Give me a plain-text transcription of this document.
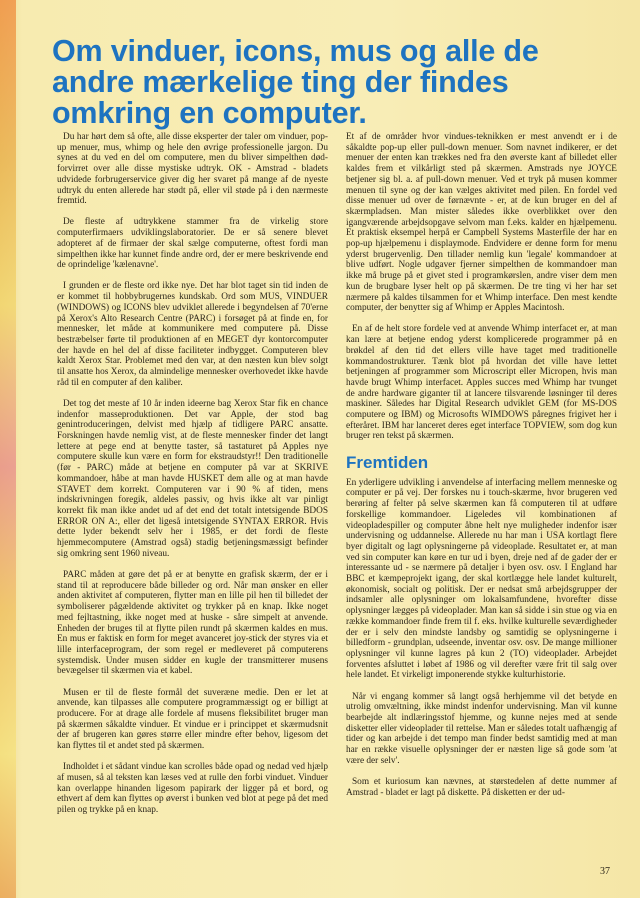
Om vinduer, icons, mus og alle de andre mærkelige ting der findes omkring en computer.

Du har hørt dem så ofte, alle disse eksperter der taler om vinduer, pop-up menuer, mus, whimp og hele den øvrige professionelle jargon. Du synes at du ved en del om computere, men du bliver simpelthen død-forvirret over alle disse mystiske udtryk. OK - Amstrad - bladets udvidede forbrugerservice giver dig her svaret på mange af de nyeste udtryk du enten allerede har stødt på, eller vil støde på i den nærmeste fremtid.

De fleste af udtrykkene stammer fra de virkelig store computerfirmaers udviklingslaboratorier. De er så senere blevet adopteret af de firmaer der skal sælge computerne, oftest fordi man simpelthen ikke har kunnet finde andre ord, der er mere beskrivende end de oprindelige 'kælenavne'.

I grunden er de fleste ord ikke nye. Det har blot taget sin tid inden de er kommet til hobbybrugernes kundskab. Ord som MUS, VINDUER (WINDOWS) og ICONS blev udviklet allerede i begyndelsen af 70'erne på Xerox's Alto Research Centre (PARC) i forsøget på at finde en, for mennesker, let måde at kommunikere med computere på. Disse bestræbelser førte til produktionen af en MEGET dyr kontorcomputer der havde en hel del af disse faciliteter indbygget. Computeren blev kaldt Xerox Star. Problemet med den var, at den næsten kun blev solgt til ansatte hos Xerox, da almindelige mennesker overhovedet ikke havde råd til en computer af den kaliber.

Det tog det meste af 10 år inden ideerne bag Xerox Star fik en chance indenfor masseproduktionen. Det var Apple, der stod bag genintroduceringen, delvist med hjælp af tidligere PARC ansatte. Forskningen havde nemlig vist, at de fleste mennesker finder det langt lettere at pege end at benytte taster, så tastaturet på Apples nye computere skulle kun være en form for ekstraudstyr!! Den traditionelle (før - PARC) måde at betjene en computer på var at SKRIVE kommandoer, håbe at man havde HUSKET dem alle og at man havde STAVET dem korrekt. Computeren var i 90 % af tiden, mens indskrivningen foregik, aldeles passiv, og hvis ikke alt var pinligt korrekt fik man ikke andet ud af det end det totalt intetsigende BDOS ERROR ON A:, eller det ligeså intetsigende SYNTAX ERROR. Hvis dette lyder bekendt selv her i 1985, er det fordi de fleste hjemmecomputere (Amstrad også) stadig betjeningsmæssigt befinder sig omkring sent 1960 niveau.

PARC måden at gøre det på er at benytte en grafisk skærm, der er i stand til at reproducere både billeder og ord. Når man ønsker en eller anden aktivitet af computeren, flytter man en lille pil hen til billedet der symboliserer pågældende aktivitet og trykker på en knap. Ikke noget med fejltastning, ikke noget med at huske - såre simpelt at anvende. Enheden der bruges til at flytte pilen rundt på skærmen kaldes en mus. En mus er faktisk en form for meget avanceret joy-stick der styres via et lille interfaceprogram, der som regel er medleveret på computerens systemdisk. Under musen sidder en kugle der transmitterer musens bevægelser til skærmen via et kabel.

Musen er til de fleste formål det suveræne medie. Den er let at anvende, kan tilpasses alle computere programmæssigt og er billigt at producere. For at drage alle fordele af musens fleksibilitet bruger man på skærmen såkaldte vinduer. Et vindue er i princippet et skærmudsnit der af brugeren kan gøres større eller mindre efter behov, ligesom det kan flyttes til et andet sted på skærmen.

Indholdet i et sådant vindue kan scrolles både opad og nedad ved hjælp af musen, så al teksten kan læses ved at rulle den forbi vinduet. Vinduer kan overlappe hinanden ligesom papirark der ligger på et bord, og ethvert af dem kan flyttes op øverst i bunken ved blot at pege på det med pilen og trykke på en knap.

Et af de områder hvor vindues-teknikken er mest anvendt er i de såkaldte pop-up eller pull-down menuer. Som navnet indikerer, er det menuer der enten kan trækkes ned fra den øverste kant af billedet eller kaldes frem et vilkårligt sted på skærmen. Amstrads nye JOYCE betjener sig bl. a. af pull-down menuer. Ved et tryk på musen kommer menuen til syne og der kan vælges aktivitet med pilen. En fordel ved disse menuer ud over de førnævnte - er, at de kun bruger en del af skærmpladsen. Man mister således ikke overblikket over den igangværende arbejdsopgave selvom man f.eks. kalder en hjælpemenu. Et praktisk eksempel herpå er Campbell Systems Masterfile der har en pop-up hjælpemenu i displaymode. Endvidere er denne form for menu yderst brugervenlig. Den tillader nemlig kun 'legale' kommandoer at blive udført. Nogle udgaver fjerner simpelthen de kommandoer man ikke må bruge på et givet sted i programkørslen, andre viser dem men kun de brugbare lyser helt op på skærmen. De tre ting vi her har set nærmere på kaldes tilsammen for et Whimp interface. Den mest kendte computer, der benytter sig af Whimp er Apples Macintosh.

En af de helt store fordele ved at anvende Whimp interfacet er, at man kan lære at betjene endog yderst komplicerede programmer på en brøkdel af den tid det ellers ville have taget med traditionelle kommandostrukturer. Tænk blot på hvordan det ville have lettet betjeningen af programmer som Microscript eller Micropen, hvis man havde brugt Whimp interfacet. Apples succes med Whimp har tvunget de andre hardware giganter til at lancere tilsvarende løsninger til deres maskiner. Således har Digital Research udviklet GEM (for MS-DOS computere og IBM) og Microsofts WIMDOWS påregnes frigivet her i efteråret. IBM har lanceret deres eget interface TOPVIEW, som dog kun bruger ren tekst på skærmen.

Fremtiden

En yderligere udvikling i anvendelse af interfacing mellem menneske og computer er på vej. Der forskes nu i touch-skærme, hvor brugeren ved berøring af felter på selve skærmen kan få computeren til at udføre forskellige kommandoer. Ligeledes vil kombinationen af videopladespiller og computer åbne helt nye muligheder indenfor især undervisning og uddannelse. Allerede nu har man i USA kortlagt flere byer digitalt og lagt oplysningerne på videoplade. Resultatet er, at man ved sin computer kan køre en tur ud i byen, dreje ned af de gader der er interessante ud - se nærmere på detaljer i byen osv. osv. I England har BBC et kæmpeprojekt igang, der skal kortlægge hele landet kulturelt, økonomisk, socialt og politisk. Der er nedsat små arbejdsgrupper der indsamler alle oplysninger om lokalsamfundene, hvorefter disse oplysninger lægges på videoplader. Man kan så sidde i sin stue og via en række kommandoer finde frem til f. eks. hvilke kulturelle seværdigheder der er i selv den mindste landsby og samtidig se oplysningerne i billedform - grundplan, udseende, inventar osv. osv. De mange millioner oplysninger vil kunne lagres på kun 2 (TO) videoplader. Arbejdet forventes afsluttet i løbet af 1986 og vil derefter være frit til salg over hele landet. Et virkeligt imponerende stykke kulturhistorie.

Når vi engang kommer så langt også herhjemme vil det betyde en utrolig omvæltning, ikke mindst indenfor undervisning. Man vil kunne bearbejde alt indlæringsstof hjemme, og kunne nejes med at sende disketter eller videoplader til rettelse. Man er således totalt uafhængig af tider og kan arbejde i det tempo man finder bedst samtidig med at man har en række visuelle oplysninger der er næsten lige så gode som 'at være der selv'.

Som et kuriosum kan nævnes, at størstedelen af dette nummer af Amstrad - bladet er lagt på diskette. På disketten er der ud-

37
